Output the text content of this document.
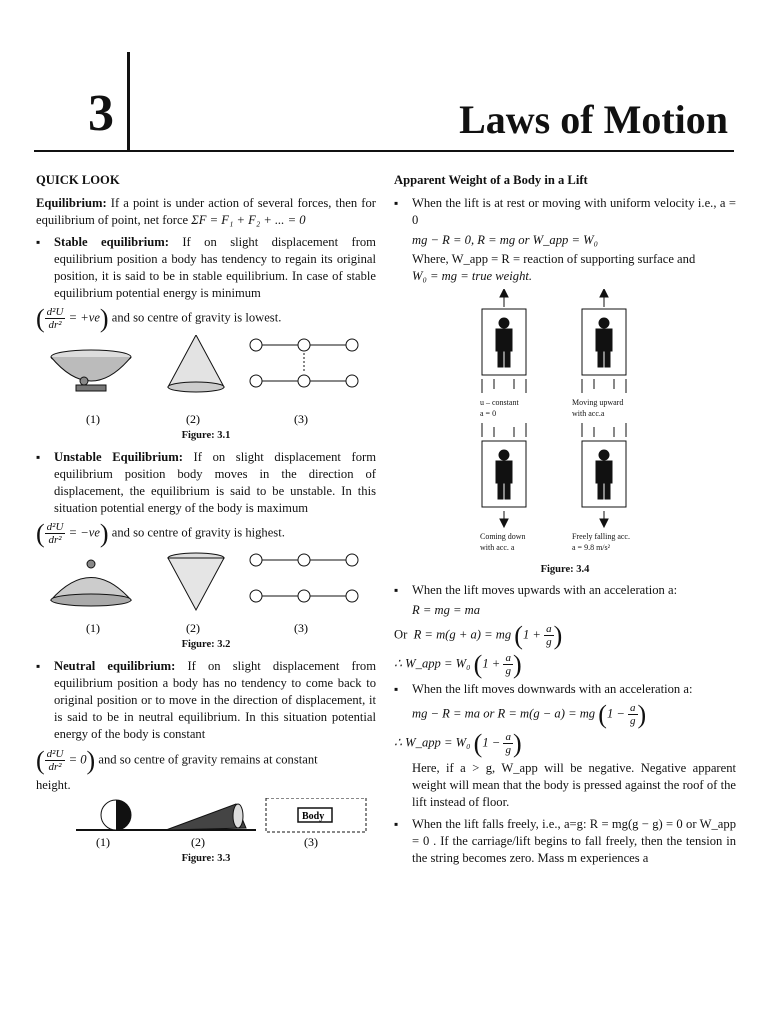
3	Laws of Motion

QUICK LOOK

Equilibrium: If a point is under action of several forces, then for equilibrium of point, net force ΣF = F₁ + F₂ + ... = 0

▪ Stable equilibrium: If on slight displacement from equilibrium position a body has tendency to regain its original position, it is said to be in stable equilibrium. In case of stable equilibrium potential energy is minimum
( $\frac{\text{d²U}}{\text{dr²}} = +ve$) and so centre of gravity is lowest.
(1)	(2)	(3)

Figure: 3.1

▪ Unstable Equilibrium: If on slight displacement form equilibrium position body moves in the direction of displacement, the equilibrium is said to be unstable. In this situation potential energy of the body is maximum
( $\frac{\text{d²U}}{\text{dr²}} = -ve$) and so centre of gravity is highest.
(1)	(2)	(3)

Figure: 3.2

▪ Neutral equilibrium: If on slight displacement from equilibrium position a body has no tendency to come back to original position or to move in the direction of displacement, it is said to be in neutral equilibrium. In this situation potential energy of the body is constant
( $\frac{\text{d²U}}{\text{dr²}} = 0$) and so centre of gravity remains at constant

height.

Body
(1)	(2)	(3)

Figure: 3.3

Apparent Weight of a Body in a Lift

▪ When the lift is at rest or moving with uniform velocity i.e., a = 0

mg − R = 0, R = mg or W_app = W₀

Where, W_app = R = reaction of supporting surface and

W₀ = mg = true weight.

u – constant
a = 0
Moving upward
with acc.a
Coming down
with acc. a
Freely falling acc.
a = 9.8 m/s²

Figure: 3.4

▪ When the lift moves upwards with an acceleration a:

R = mg = ma

Or R = m(g + a) = mg ($1 + \frac{a}{g}$ )
∴ W_app = W₀ ($1 + \frac{a}{g}$ )
▪ When the lift moves downwards with an acceleration a:
mg − R = ma or R = m(g − a) = mg ($1 - \frac{a}{g}$ )
∴ W_app = W₀ ($1 - \frac{a}{g}$ )

Here, if a > g, W_app will be negative. Negative apparent weight will mean that the body is pressed against the roof of the lift instead of floor.

▪ When the lift falls freely, i.e., a=g: R = mg(g − g) = 0 or W_app = 0 . If the carriage/lift begins to fall freely, then the tension in the string becomes zero. Mass m experiences a
